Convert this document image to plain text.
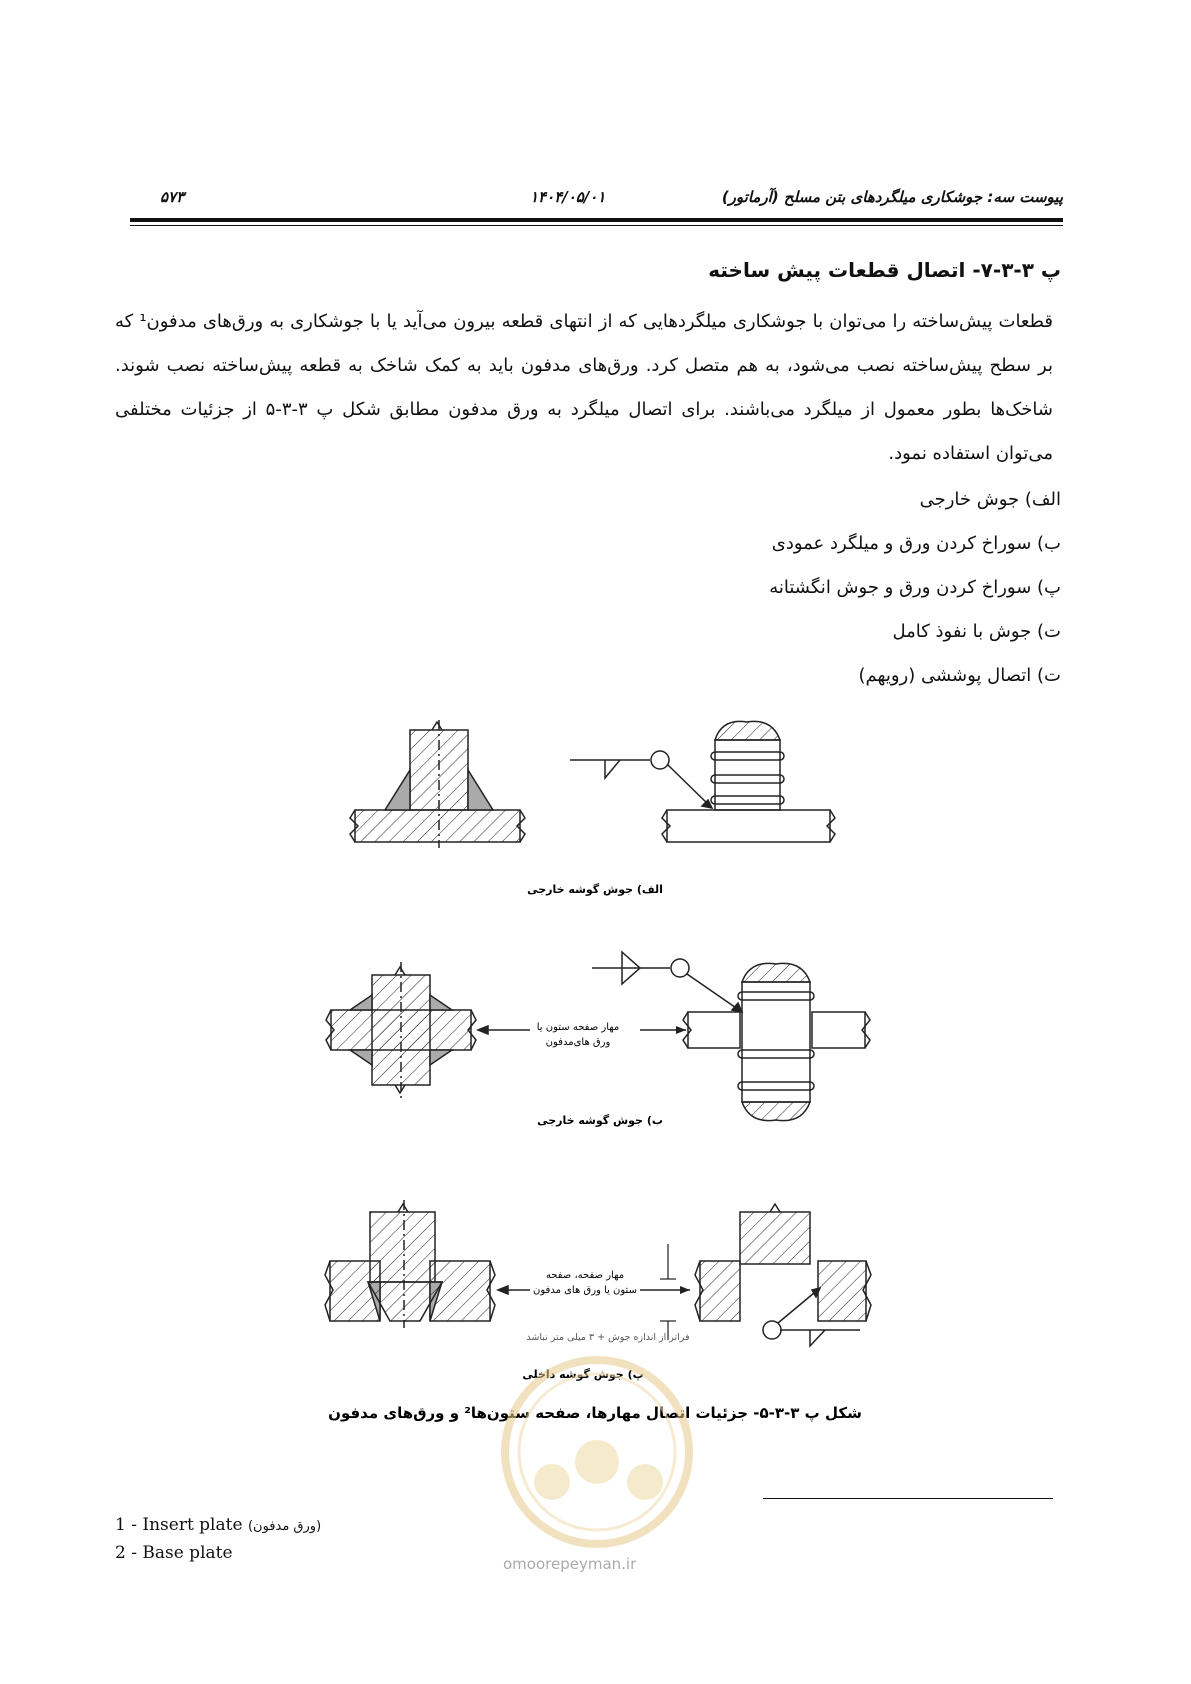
۵۷۳	۱۴۰۴/۰۵/۰۱	پیوست سه: جوشکاری میلگردهای بتن مسلح (آرماتور)
پ ۳-۳-۷- اتصال قطعات پیش ساخته
قطعات پیش‌ساخته را می‌توان با جوشکاری میلگردهایی که از انتهای قطعه بیرون می‌آید یا با جوشکاری به ورق‌های مدفون¹ که بر سطح پیش‌ساخته نصب می‌شود، به هم متصل کرد. ورق‌های مدفون باید به کمک شاخک به قطعه پیش‌ساخته نصب شوند. شاخک‌ها بطور معمول از میلگرد می‌باشند. برای اتصال میلگرد به ورق مدفون مطابق شکل پ ۳-۳-۵ از جزئیات مختلفی می‌توان استفاده نمود.
الف) جوش خارجی
ب) سوراخ کردن ورق و میلگرد عمودی
پ) سوراخ کردن ورق و جوش انگشتانه
ت) جوش با نفوذ کامل
ت) اتصال پوششی (رویهم)
الف) جوش گوشه خارجی
مهار صفحه ستون یا
ورق های‌مدفون
ب) جوش گوشه خارجی
مهار صفحه، صفحه
ستون یا ورق های مدفون
فراتر از اندازه جوش + ۳ میلی متر نباشد
پ) جوش گوشه داخلی
شکل پ ۳-۳-۵- جزئیات اتصال مهارها، صفحه ستون‌ها² و ورق‌های مدفون
omoorepeyman.ir
1 - Insert plate (ورق مدفون)
2 - Base plate
